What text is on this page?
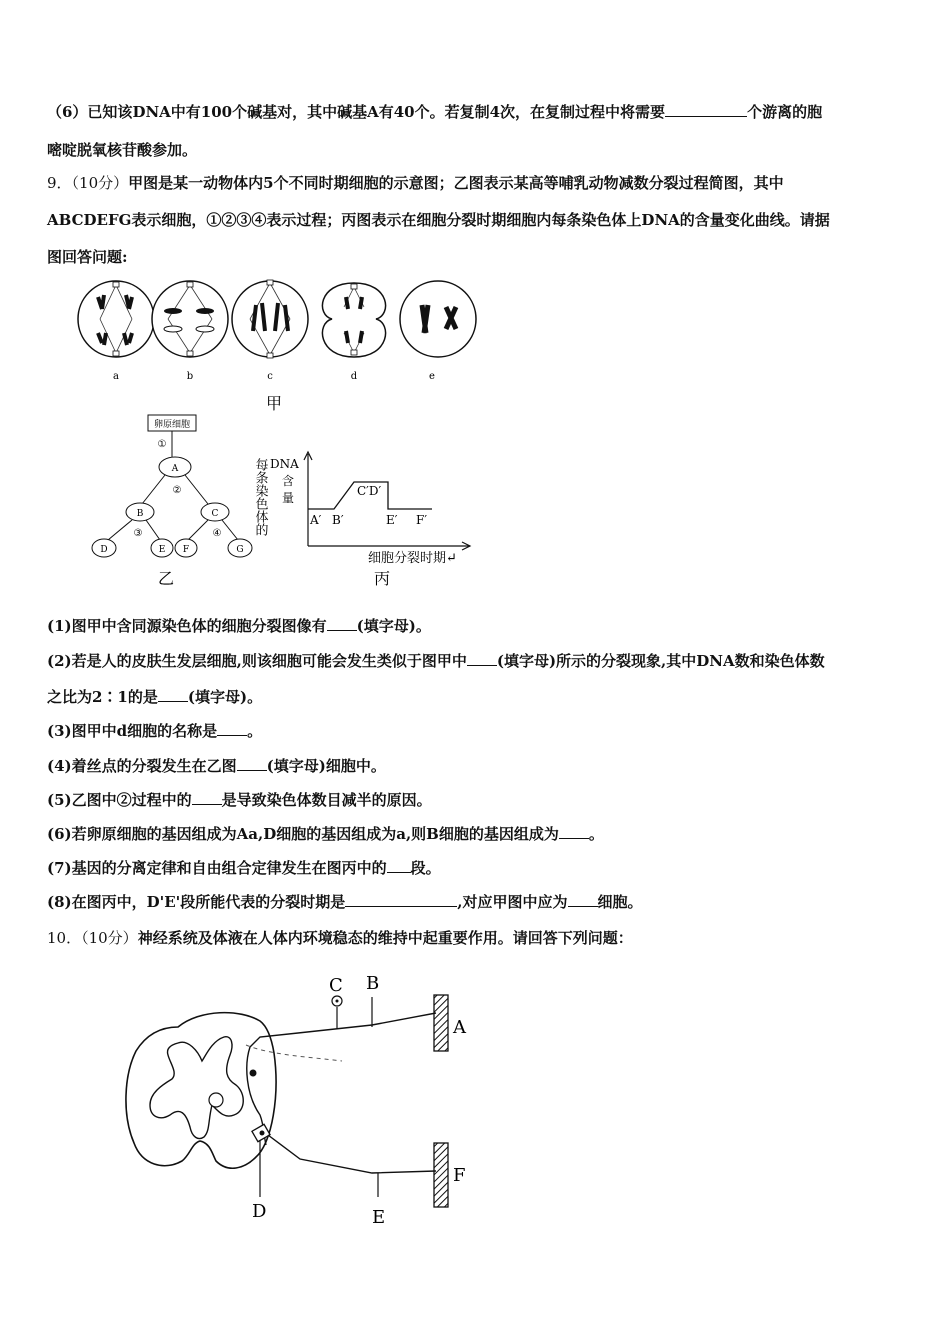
（6）已知该DNA中有100个碱基对，其中碱基A有40个。若复制4次，在复制过程中将需要	个游离的胞
嘧啶脱氧核苷酸参加。
9．（10分）甲图是某一动物体内5个不同时期细胞的示意图；乙图表示某高等哺乳动物减数分裂过程简图，其中
ABCDEFG表示细胞，①②③④表示过程；丙图表示在细胞分裂时期细胞内每条染色体上DNA的含量变化曲线。请据
图回答问题:
a	b	c	d	e
甲
卵原细胞
①
A
②
B	C
③	④
D	E F	G
乙
每条染色体的 DNA
含
量
A′ B′
C′D′
E′ F′
细胞分裂时期↵
丙
(1)图甲中含同源染色体的细胞分裂图像有 (填字母)。
(2)若是人的皮肤生发层细胞,则该细胞可能会发生类似于图甲中 (填字母)所示的分裂现象,其中DNA数和染色体数
之比为2∶1的是 (填字母)。
(3)图甲中d细胞的名称是 。
(4)着丝点的分裂发生在乙图 (填字母)细胞中。
(5)乙图中②过程中的 是导致染色体数目减半的原因。
(6)若卵原细胞的基因组成为Aa,D细胞的基因组成为a,则B细胞的基因组成为 。
(7)基因的分离定律和自由组合定律发生在图丙中的 段。
(8)在图丙中，D'E'段所能代表的分裂时期是	,对应甲图中应为 细胞。
10．（10分）神经系统及体液在人体内环境稳态的维持中起重要作用。请回答下列问题：
A
B
C
D	E
F
